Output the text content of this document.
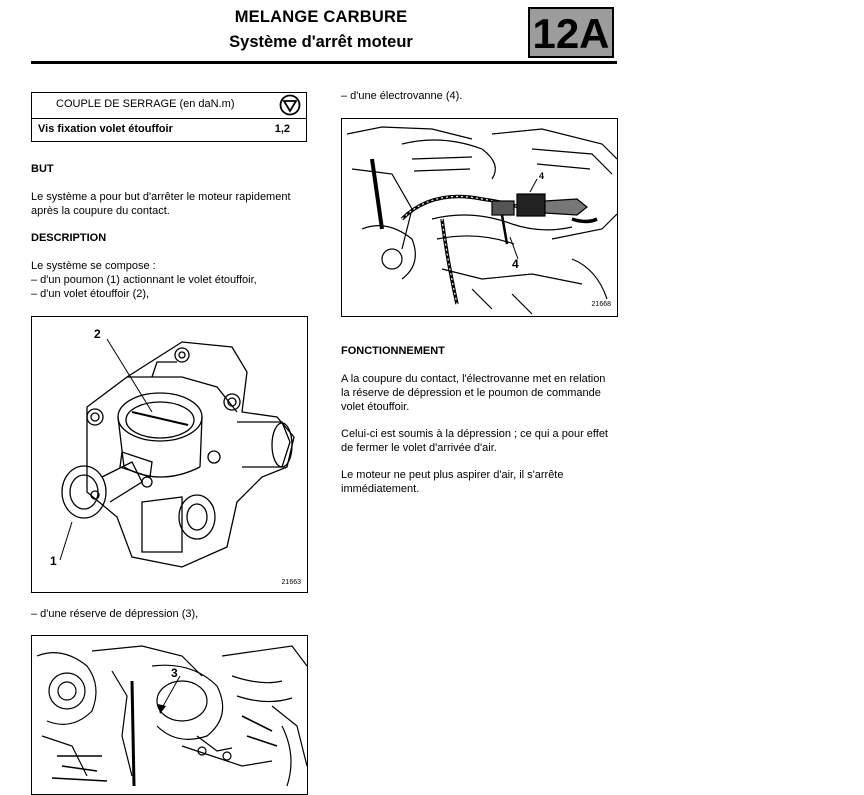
MELANGE CARBURE
Système d'arrêt moteur	12A
COUPLE DE SERRAGE (en daN.m)
Vis fixation volet étouffoir	1,2
BUT
Le système a pour but d'arrêter le moteur rapidement
après la coupure du contact.
DESCRIPTION
Le système se compose :
– d'un poumon (1) actionnant le volet étouffoir,
– d'un volet étouffoir (2),
2
1
21663
– d'une réserve de dépression (3),
3
– d'une électrovanne (4).
4
4
21668
FONCTIONNEMENT
A la coupure du contact, l'électrovanne met en relation
la réserve de dépression et le poumon de commande
volet étouffoir.
Celui-ci est soumis à la dépression ; ce qui a pour effet
de fermer le volet d'arrivée d'air.
Le moteur ne peut plus aspirer d'air, il s'arrête
immédiatement.
